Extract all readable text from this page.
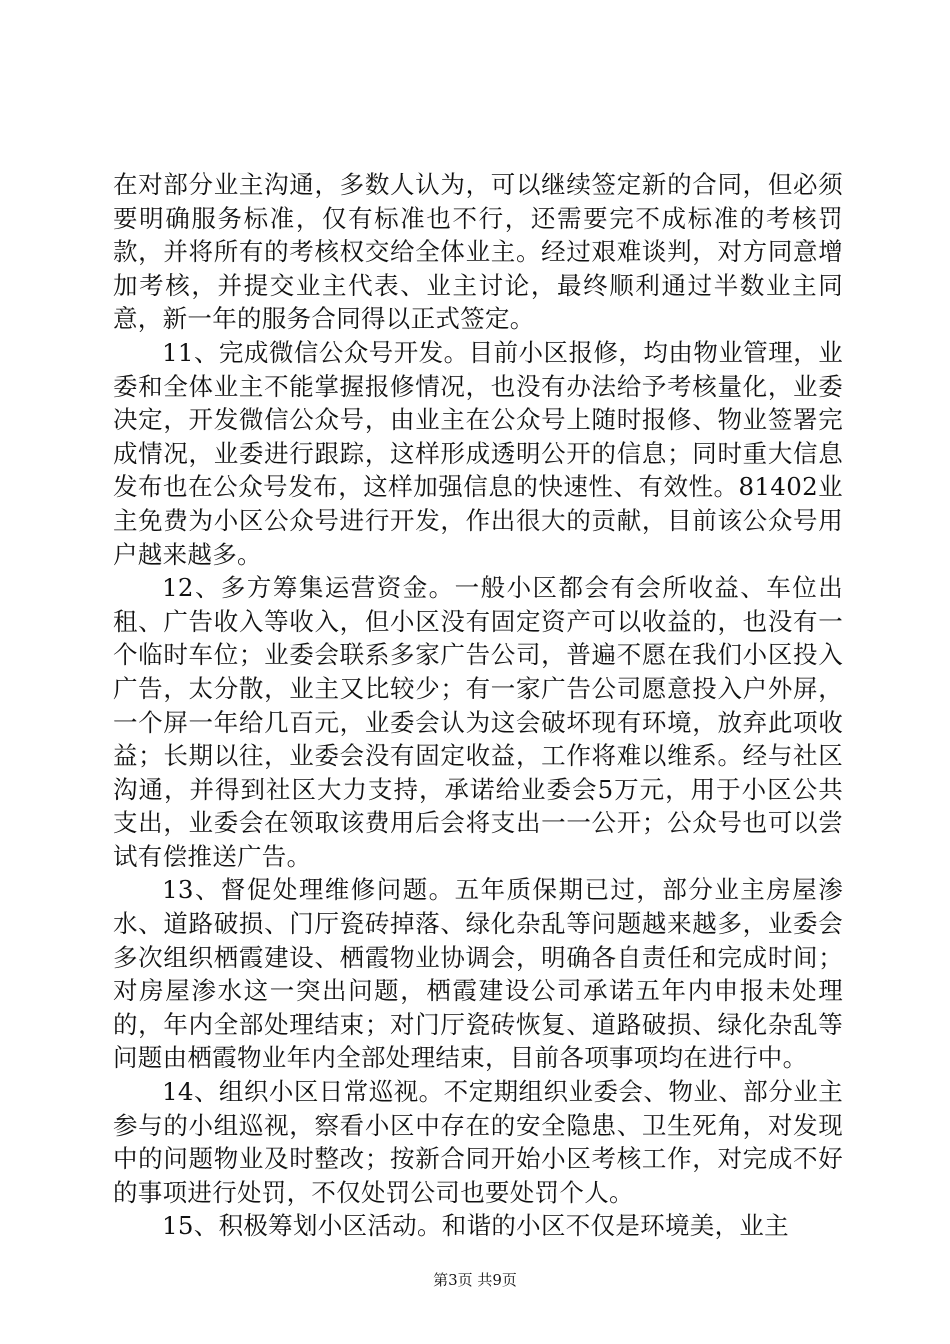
在对部分业主沟通，多数人认为，可以继续签定新的合同，但必须要明确服务标准，仅有标准也不行，还需要完不成标准的考核罚款，并将所有的考核权交给全体业主。经过艰难谈判，对方同意增加考核，并提交业主代表、业主讨论，最终顺利通过半数业主同意，新一年的服务合同得以正式签定。

11、完成微信公众号开发。目前小区报修，均由物业管理，业委和全体业主不能掌握报修情况，也没有办法给予考核量化，业委决定，开发微信公众号，由业主在公众号上随时报修、物业签署完成情况，业委进行跟踪，这样形成透明公开的信息；同时重大信息发布也在公众号发布，这样加强信息的快速性、有效性。81402业主免费为小区公众号进行开发，作出很大的贡献，目前该公众号用户越来越多。

12、多方筹集运营资金。一般小区都会有会所收益、车位出租、广告收入等收入，但小区没有固定资产可以收益的，也没有一个临时车位；业委会联系多家广告公司，普遍不愿在我们小区投入广告，太分散，业主又比较少；有一家广告公司愿意投入户外屏，一个屏一年给几百元，业委会认为这会破坏现有环境，放弃此项收益；长期以往，业委会没有固定收益，工作将难以维系。经与社区沟通，并得到社区大力支持，承诺给业委会5万元，用于小区公共支出，业委会在领取该费用后会将支出一一公开；公众号也可以尝试有偿推送广告。

13、督促处理维修问题。五年质保期已过，部分业主房屋渗水、道路破损、门厅瓷砖掉落、绿化杂乱等问题越来越多，业委会多次组织栖霞建设、栖霞物业协调会，明确各自责任和完成时间；对房屋渗水这一突出问题，栖霞建设公司承诺五年内申报未处理的，年内全部处理结束；对门厅瓷砖恢复、道路破损、绿化杂乱等问题由栖霞物业年内全部处理结束，目前各项事项均在进行中。

14、组织小区日常巡视。不定期组织业委会、物业、部分业主参与的小组巡视，察看小区中存在的安全隐患、卫生死角，对发现中的问题物业及时整改；按新合同开始小区考核工作，对完成不好的事项进行处罚，不仅处罚公司也要处罚个人。

15、积极筹划小区活动。和谐的小区不仅是环境美，业主

第3页 共9页
